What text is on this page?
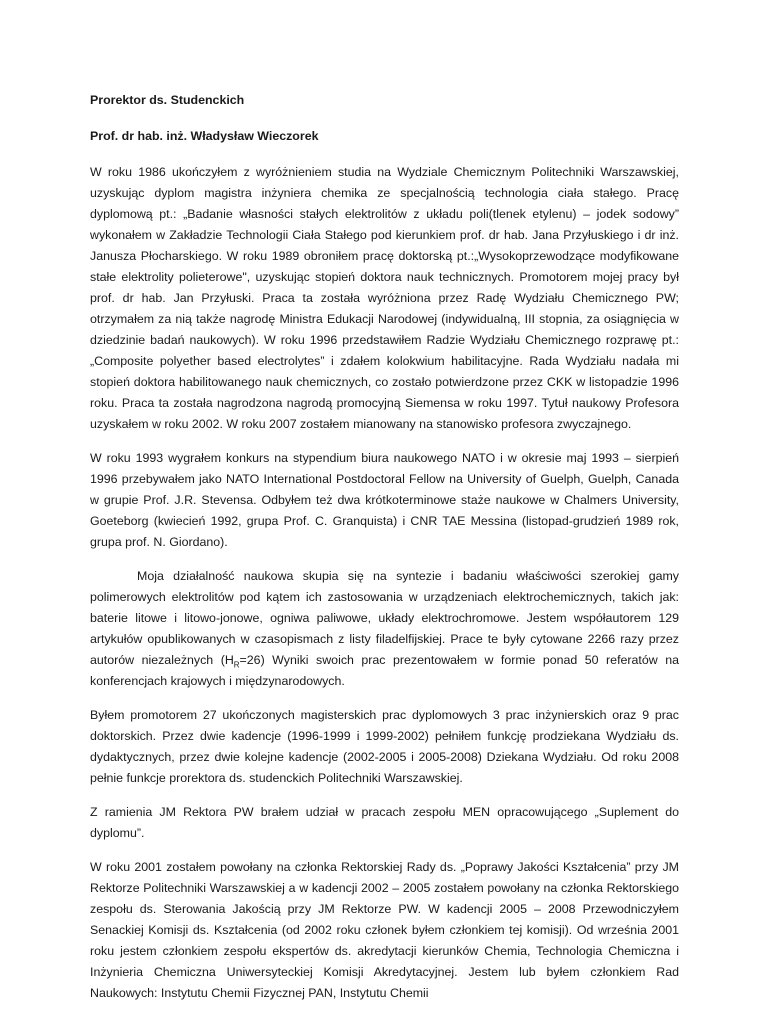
Prorektor ds. Studenckich

Prof. dr hab. inż. Władysław Wieczorek

W roku 1986 ukończyłem z wyróżnieniem studia na Wydziale Chemicznym Politechniki Warszawskiej, uzyskując dyplom magistra inżyniera chemika ze specjalnością technologia ciała stałego. Pracę dyplomową pt.: „Badanie własności stałych elektrolitów z układu poli(tlenek etylenu) – jodek sodowy” wykonałem w Zakładzie Technologii Ciała Stałego pod kierunkiem prof. dr hab. Jana Przyłuskiego i dr inż. Janusza Płocharskiego. W roku 1989 obroniłem pracę doktorską pt.:„Wysokoprzewodzące modyfikowane stałe elektrolity polieterowe", uzyskując stopień doktora nauk technicznych. Promotorem mojej pracy był prof. dr hab. Jan Przyłuski. Praca ta została wyróżniona przez Radę Wydziału Chemicznego PW; otrzymałem za nią także nagrodę Ministra Edukacji Narodowej (indywidualną, III stopnia, za osiągnięcia w dziedzinie badań naukowych). W roku 1996 przedstawiłem Radzie Wydziału Chemicznego rozprawę pt.: „Composite polyether based electrolytes” i zdałem kolokwium habilitacyjne. Rada Wydziału nadała mi stopień doktora habilitowanego nauk chemicznych, co zostało potwierdzone przez CKK w listopadzie 1996 roku. Praca ta została nagrodzona nagrodą promocyjną Siemensa w roku 1997. Tytuł naukowy Profesora uzyskałem w roku 2002. W roku 2007 zostałem mianowany na stanowisko profesora zwyczajnego.

W roku 1993 wygrałem konkurs na stypendium biura naukowego NATO i w okresie maj 1993 – sierpień 1996 przebywałem jako NATO International Postdoctoral Fellow na University of Guelph, Guelph, Canada w grupie Prof. J.R. Stevensa. Odbyłem też dwa krótkoterminowe staże naukowe w Chalmers University, Goeteborg (kwiecień 1992, grupa Prof. C. Granquista) i CNR TAE Messina (listopad-grudzień 1989 rok, grupa prof. N. Giordano).

Moja działalność naukowa skupia się na syntezie i badaniu właściwości szerokiej gamy polimerowych elektrolitów pod kątem ich zastosowania w urządzeniach elektrochemicznych, takich jak: baterie litowe i litowo-jonowe, ogniwa paliwowe, układy elektrochromowe. Jestem współautorem 129 artykułów opublikowanych w czasopismach z listy filadelfijskiej. Prace te były cytowane 2266 razy przez autorów niezależnych $(H_R=26)$ Wyniki swoich prac prezentowałem w formie ponad 50 referatów na konferencjach krajowych i międzynarodowych.

Byłem promotorem 27 ukończonych magisterskich prac dyplomowych 3 prac inżynierskich oraz 9 prac doktorskich. Przez dwie kadencje (1996-1999 i 1999-2002) pełniłem funkcję prodziekana Wydziału ds. dydaktycznych, przez dwie kolejne kadencje (2002-2005 i 2005-2008) Dziekana Wydziału. Od roku 2008 pełnie funkcje prorektora ds. studenckich Politechniki Warszawskiej.

Z ramienia JM Rektora PW brałem udział w pracach zespołu MEN opracowującego „Suplement do dyplomu”.

W roku 2001 zostałem powołany na członka Rektorskiej Rady ds. „Poprawy Jakości Kształcenia” przy JM Rektorze Politechniki Warszawskiej a w kadencji 2002 – 2005 zostałem powołany na członka Rektorskiego zespołu ds. Sterowania Jakością przy JM Rektorze PW. W kadencji 2005 – 2008 Przewodniczyłem Senackiej Komisji ds. Kształcenia (od 2002 roku członek byłem członkiem tej komisji). Od września 2001 roku jestem członkiem zespołu ekspertów ds. akredytacji kierunków Chemia, Technologia Chemiczna i Inżynieria Chemiczna Uniwersyteckiej Komisji Akredytacyjnej. Jestem lub byłem członkiem Rad Naukowych: Instytutu Chemii Fizycznej PAN, Instytutu Chemii
